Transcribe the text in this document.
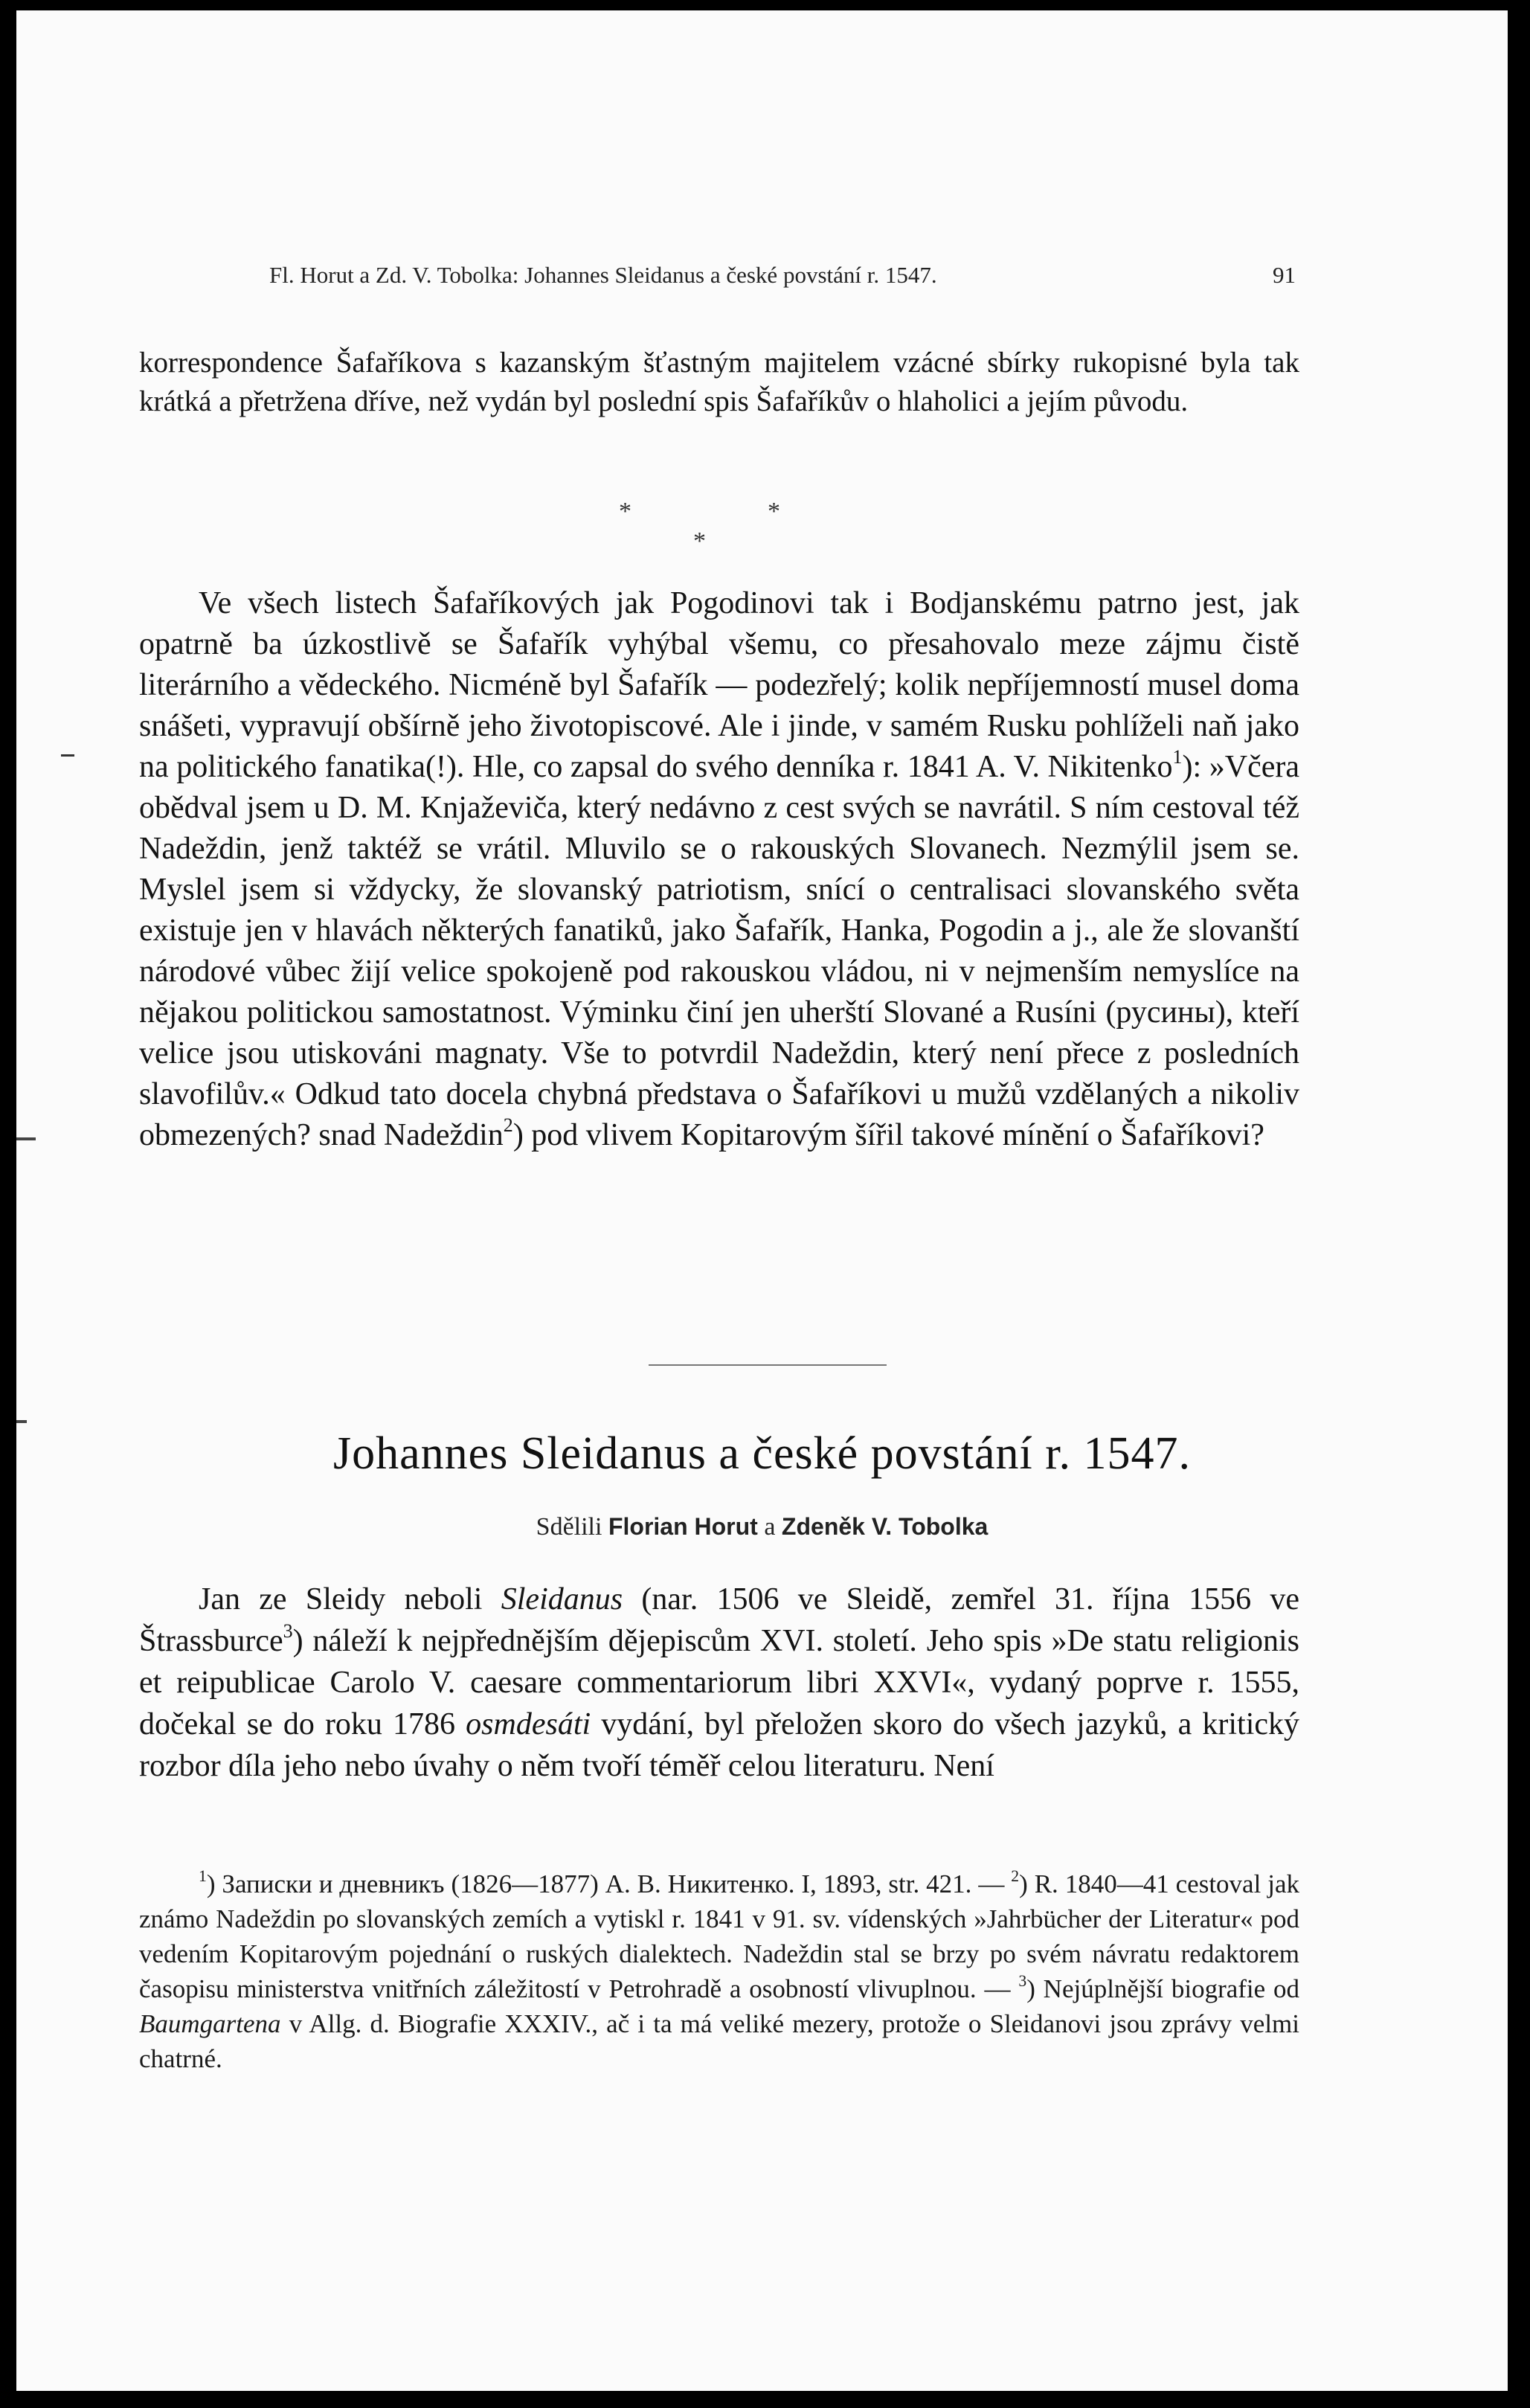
Fl. Horut a Zd. V. Tobolka: Johannes Sleidanus a české povstání r. 1547.	91
korrespondence Šafaříkova s kazanským šťastným majitelem vzácné sbírky rukopisné byla tak krátká a přetržena dříve, než vydán byl poslední spis Šafaříkův o hlaholici a jejím původu.
*	*
*
Ve všech listech Šafaříkových jak Pogodinovi tak i Bodjanskému patrno jest, jak opatrně ba úzkostlivě se Šafařík vyhýbal všemu, co přesahovalo meze zájmu čistě literárního a vědeckého. Nicméně byl Šafařík — podezřelý; kolik nepříjemností musel doma snášeti, vypravují obšírně jeho životopiscové. Ale i jinde, v samém Rusku pohlíželi naň jako na politického fanatika(!). Hle, co zapsal do svého denníka r. 1841 A. V. Nikitenko$^1$): »Včera obědval jsem u D. M. Knjaževiča, který nedávno z cest svých se navrátil. S ním cestoval též Nadeždin, jenž taktéž se vrátil. Mluvilo se o rakouských Slovanech. Nezmýlil jsem se. Myslel jsem si vždycky, že slovanský patriotism, snící o centralisaci slovanského světa existuje jen v hlavách některých fanatiků, jako Šafařík, Hanka, Pogodin a j., ale že slovanští národové vůbec žijí velice spokojeně pod rakouskou vládou, ni v nejmenším nemyslíce na nějakou politickou samostatnost. Výminku činí jen uherští Slované a Rusíni (русины), kteří velice jsou utiskováni magnaty. Vše to potvrdil Nadeždin, který není přece z posledních slavofilův.« Odkud tato docela chybná představa o Šafaříkovi u mužů vzdělaných a nikoliv obmezených? snad Nadeždin$^2$) pod vlivem Kopitarovým šířil takové mínění o Šafaříkovi?
Johannes Sleidanus a české povstání r. 1547.
Sdělili Florian Horut a Zdeněk V. Tobolka
Jan ze Sleidy neboli Sleidanus (nar. 1506 ve Sleidě, zemřel 31. října 1556 ve Štrassburce$^3$) náleží k nejpřednějším dějepiscům XVI. století. Jeho spis »De statu religionis et reipublicae Carolo V. caesare commentariorum libri XXVI«, vydaný poprve r. 1555, dočekal se do roku 1786 osmdesáti vydání, byl přeložen skoro do všech jazyků, a kritický rozbor díla jeho nebo úvahy o něm tvoří téměř celou literaturu. Není
$^1$) Записки и дневникъ (1826—1877) А. В. Никитенко. I, 1893, str. 421. — $^2$) R. 1840—41 cestoval jak známo Nadeždin po slovanských zemích a vytiskl r. 1841 v 91. sv. vídenských »Jahrbücher der Literatur« pod vedením Kopitarovým pojednání o ruských dialektech. Nadeždin stal se brzy po svém návratu redaktorem časopisu ministerstva vnitřních záležitostí v Petrohradě a osobností vlivuplnou. — $^3$) Nejúplnější biografie od Baumgartena v Allg. d. Biografie XXXIV., ač i ta má veliké mezery, protože o Sleidanovi jsou zprávy velmi chatrné.
